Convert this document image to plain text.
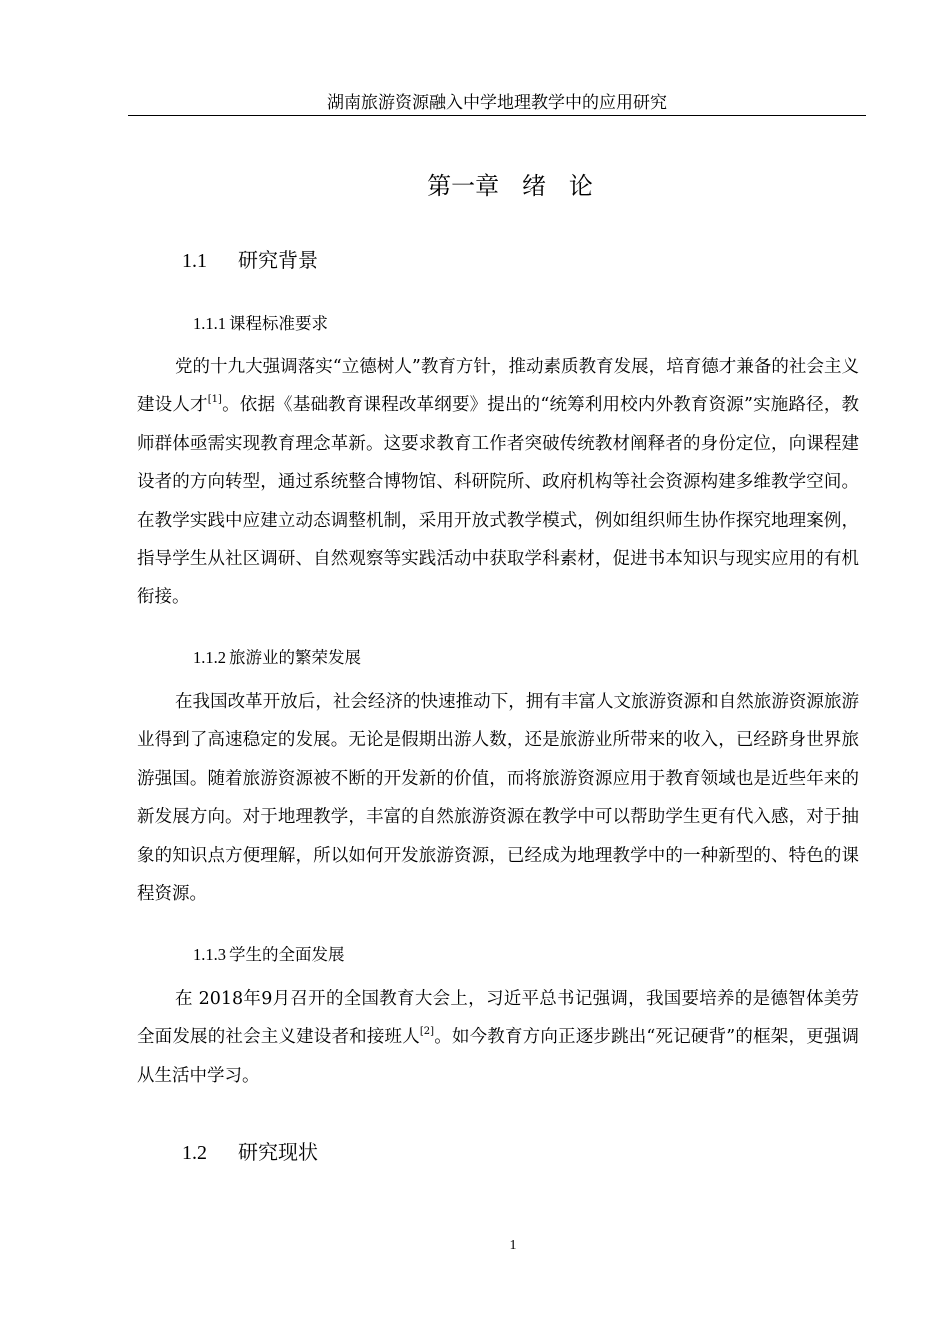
湖南旅游资源融入中学地理教学中的应用研究
第一章   绪   论
1.1 研究背景
1.1.1 课程标准要求

党的十九大强调落实“立德树人”教育方针，推动素质教育发展，培育德才兼备的社会主义建设人才[1]。依据《基础教育课程改革纲要》提出的“统筹利用校内外教育资源”实施路径，教师群体亟需实现教育理念革新。这要求教育工作者突破传统教材阐释者的身份定位，向课程建设者的方向转型，通过系统整合博物馆、科研院所、政府机构等社会资源构建多维教学空间。在教学实践中应建立动态调整机制，采用开放式教学模式，例如组织师生协作探究地理案例，指导学生从社区调研、自然观察等实践活动中获取学科素材，促进书本知识与现实应用的有机衔接。

1.1.2 旅游业的繁荣发展

在我国改革开放后，社会经济的快速推动下，拥有丰富人文旅游资源和自然旅游资源旅游业得到了高速稳定的发展。无论是假期出游人数，还是旅游业所带来的收入，已经跻身世界旅游强国。随着旅游资源被不断的开发新的价值，而将旅游资源应用于教育领域也是近些年来的新发展方向。对于地理教学，丰富的自然旅游资源在教学中可以帮助学生更有代入感，对于抽象的知识点方便理解，所以如何开发旅游资源，已经成为地理教学中的一种新型的、特色的课程资源。

1.1.3 学生的全面发展

在 2018年9月召开的全国教育大会上，习近平总书记强调，我国要培养的是德智体美劳全面发展的社会主义建设者和接班人[2]。如今教育方向正逐步跳出“死记硬背”的框架，更强调从生活中学习。

1.2 研究现状
1
